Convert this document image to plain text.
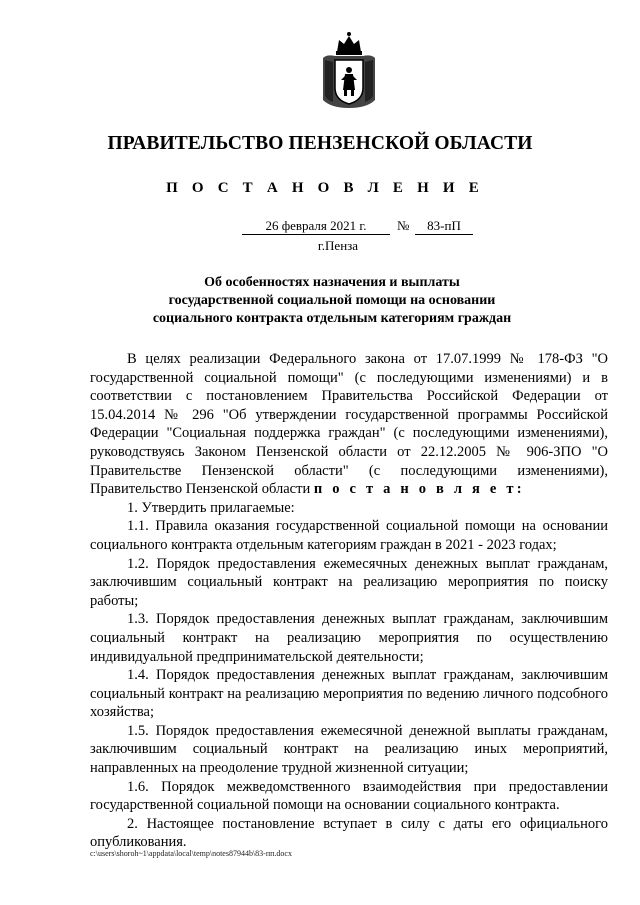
ПРАВИТЕЛЬСТВО ПЕНЗЕНСКОЙ ОБЛАСТИ
П О С Т А Н О В Л Е Н И Е
26 февраля 2021 г.	№	83-пП
г.Пенза
Об особенностях назначения и выплаты
государственной социальной помощи на основании
социального контракта отдельным категориям граждан

В целях реализации Федерального закона от 17.07.1999 № 178-ФЗ "О государственной социальной помощи" (с последующими изменениями) и в соответствии с постановлением Правительства Российской Федерации от 15.04.2014 № 296 "Об утверждении государственной программы Российской Федерации "Социальная поддержка граждан" (с последующими изменениями), руководствуясь Законом Пензенской области от 22.12.2005 № 906-ЗПО "О Правительстве Пензенской области" (с последующими изменениями), Правительство Пензенской области п о с т а н о в л я е т:

1. Утвердить прилагаемые:

1.1. Правила оказания государственной социальной помощи на основании социального контракта отдельным категориям граждан в 2021 - 2023 годах;

1.2. Порядок предоставления ежемесячных денежных выплат гражданам, заключившим социальный контракт на реализацию мероприятия по поиску работы;

1.3. Порядок предоставления денежных выплат гражданам, заключившим социальный контракт на реализацию мероприятия по осуществлению индивидуальной предпринимательской деятельности;

1.4. Порядок предоставления денежных выплат гражданам, заключившим социальный контракт на реализацию мероприятия по ведению личного подсобного хозяйства;

1.5. Порядок предоставления ежемесячной денежной выплаты гражданам, заключившим социальный контракт на реализацию иных мероприятий, направленных на преодоление трудной жизненной ситуации;

1.6. Порядок межведомственного взаимодействия при предоставлении государственной социальной помощи на основании социального контракта.

2. Настоящее постановление вступает в силу с даты его официального опубликования.

c:\users\shoroh~1\appdata\local\temp\notes87944b\83-пп.docx
